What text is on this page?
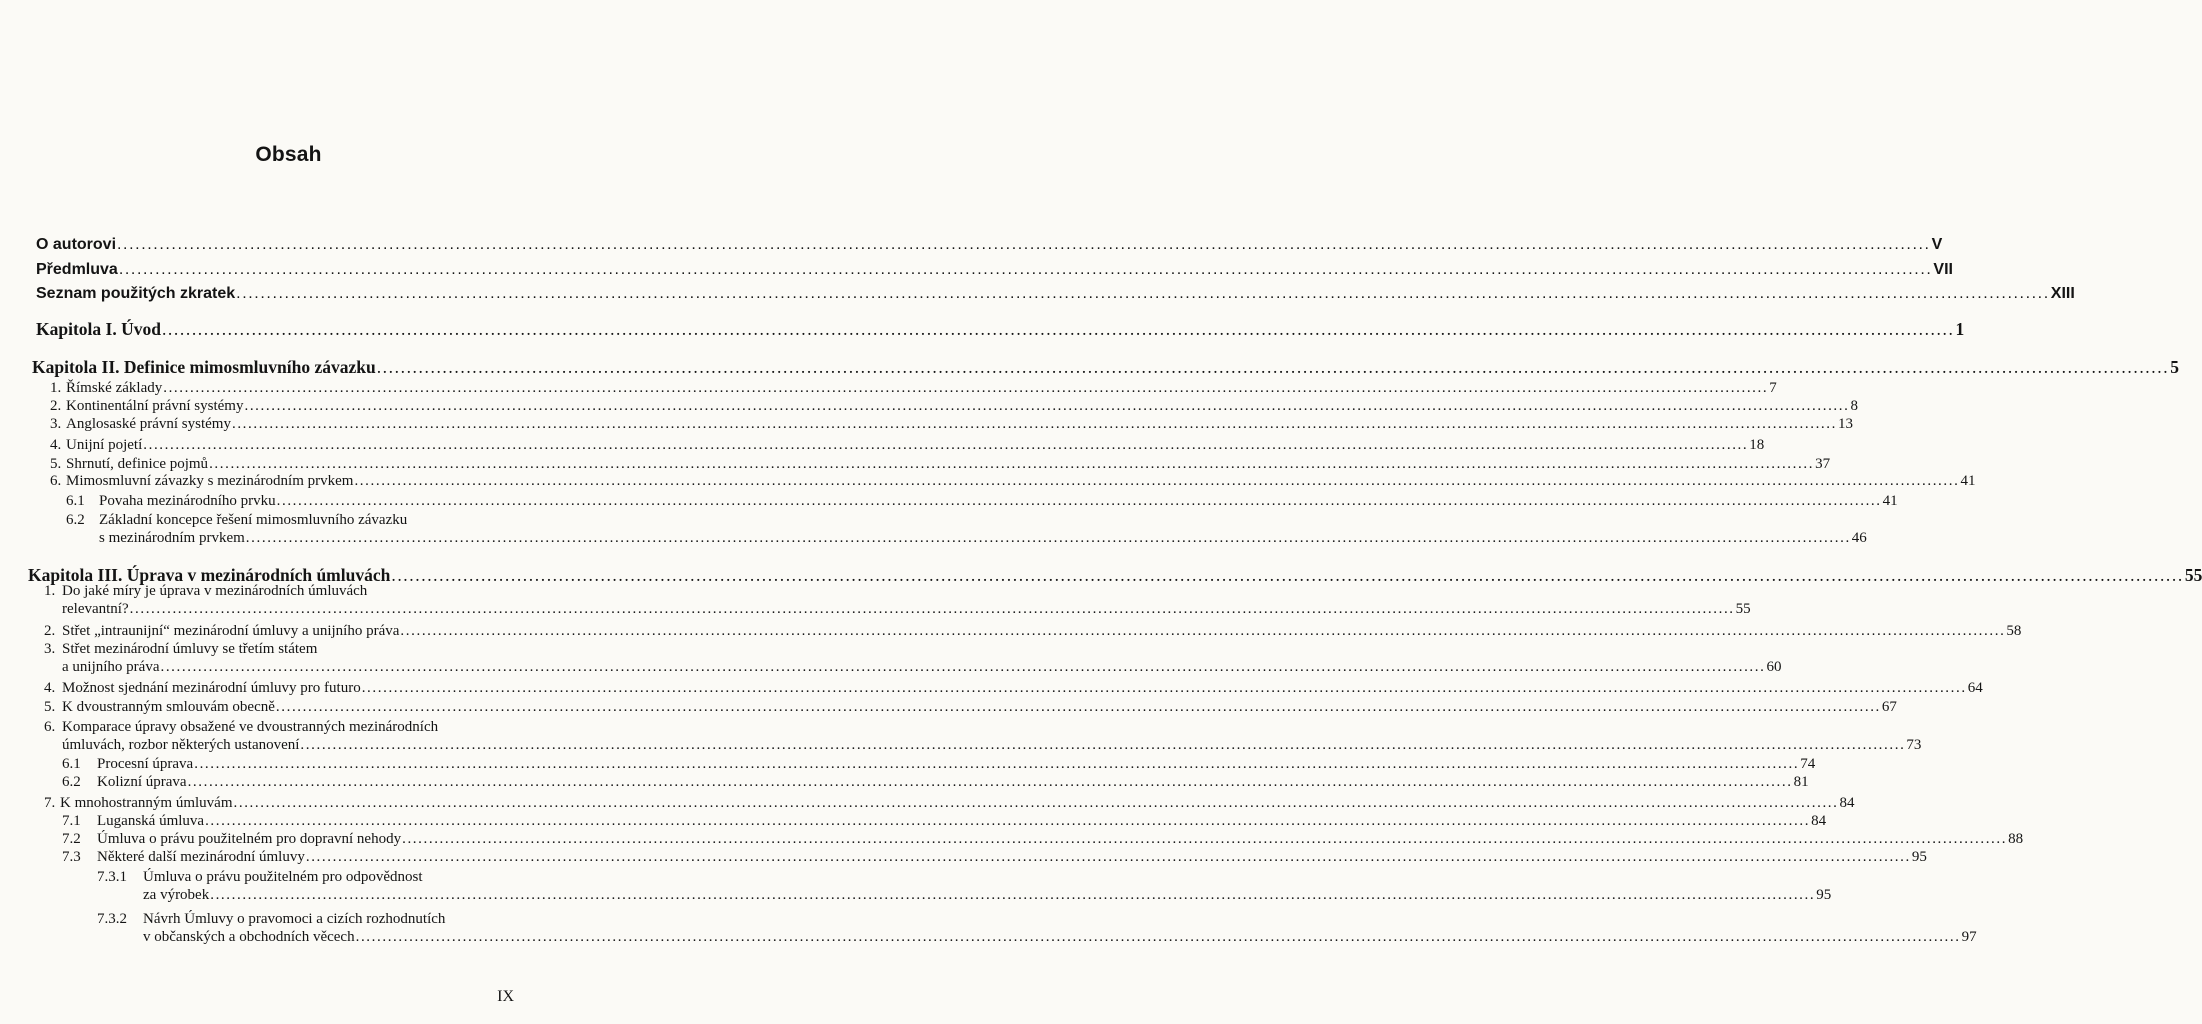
Obsah
O autorovi ............................................................................................................................................................................................................................................................................................................ V
Předmluva ............................................................................................................................................................................................................................................................................................................ VII
Seznam použitých zkratek ............................................................................................................................................................................................................................................................................................................ XIII
Kapitola I. Úvod ............................................................................................................................................................................................................................................................................................................ 1
Kapitola II. Definice mimosmluvního závazku ............................................................................................................................................................................................................................................................................................................ 5
1. Římské základy ............................................................................................................................................................................................................................................................................................................ 7
2. Kontinentální právní systémy ............................................................................................................................................................................................................................................................................................................ 8
3. Anglosaské právní systémy ............................................................................................................................................................................................................................................................................................................ 13
4. Unijní pojetí ............................................................................................................................................................................................................................................................................................................ 18
5. Shrnutí, definice pojmů ............................................................................................................................................................................................................................................................................................................ 37
6. Mimosmluvní závazky s mezinárodním prvkem ............................................................................................................................................................................................................................................................................................................ 41
6.1 Povaha mezinárodního prvku ............................................................................................................................................................................................................................................................................................................ 41
6.2 Základní koncepce řešení mimosmluvního závazku
s mezinárodním prvkem ............................................................................................................................................................................................................................................................................................................ 46
Kapitola III. Úprava v mezinárodních úmluvách ............................................................................................................................................................................................................................................................................................................ 55
1. Do jaké míry je úprava v mezinárodních úmluvách
relevantní? ............................................................................................................................................................................................................................................................................................................ 55
2. Střet „intraunijní“ mezinárodní úmluvy a unijního práva ............................................................................................................................................................................................................................................................................................................ 58
3. Střet mezinárodní úmluvy se třetím státem
a unijního práva ............................................................................................................................................................................................................................................................................................................ 60
4. Možnost sjednání mezinárodní úmluvy pro futuro ............................................................................................................................................................................................................................................................................................................ 64
5. K dvoustranným smlouvám obecně ............................................................................................................................................................................................................................................................................................................ 67
6. Komparace úpravy obsažené ve dvoustranných mezinárodních
úmluvách, rozbor některých ustanovení ............................................................................................................................................................................................................................................................................................................ 73
6.1 Procesní úprava ............................................................................................................................................................................................................................................................................................................ 74
6.2 Kolizní úprava ............................................................................................................................................................................................................................................................................................................ 81
7. K mnohostranným úmluvám ............................................................................................................................................................................................................................................................................................................ 84
7.1 Luganská úmluva ............................................................................................................................................................................................................................................................................................................ 84
7.2 Úmluva o právu použitelném pro dopravní nehody ............................................................................................................................................................................................................................................................................................................ 88
7.3 Některé další mezinárodní úmluvy ............................................................................................................................................................................................................................................................................................................ 95
7.3.1 Úmluva o právu použitelném pro odpovědnost
za výrobek ............................................................................................................................................................................................................................................................................................................ 95
7.3.2 Návrh Úmluvy o pravomoci a cizích rozhodnutích
v občanských a obchodních věcech ............................................................................................................................................................................................................................................................................................................ 97
IX
